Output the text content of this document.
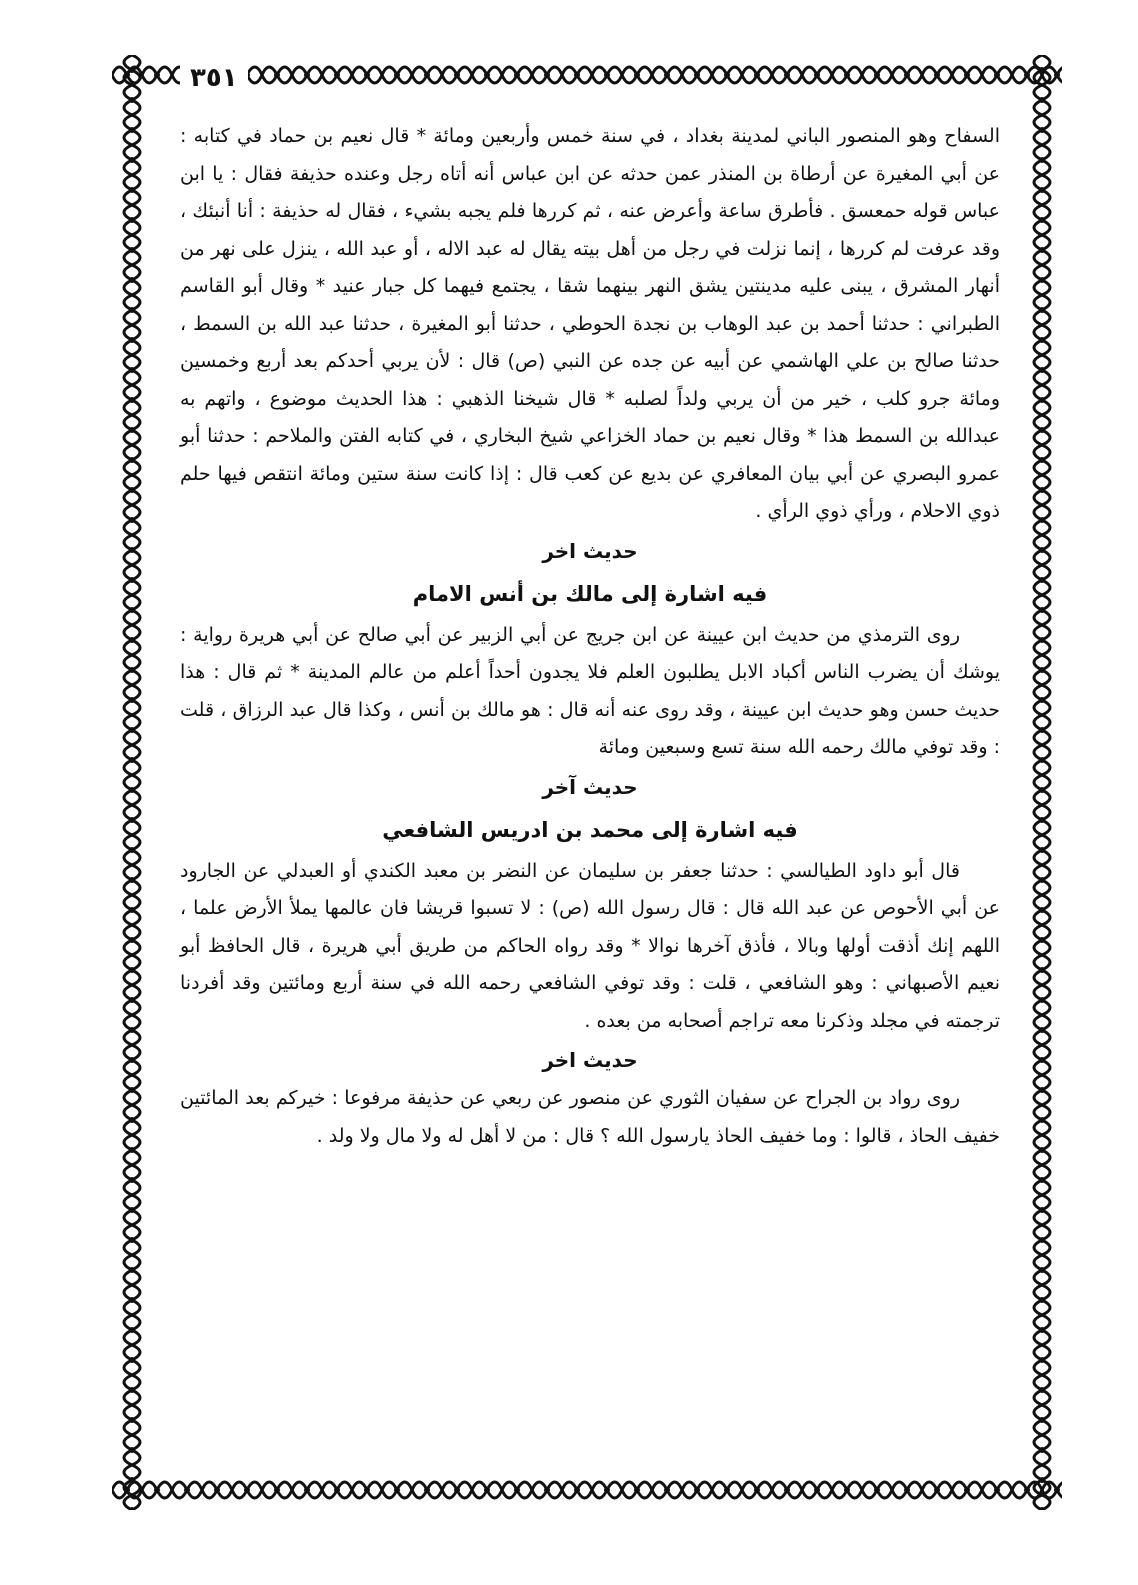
٣٥١

السفاح وهو المنصور الباني لمدينة بغداد ، في سنة خمس وأربعين ومائة * قال نعيم بن حماد في كتابه : عن أبي المغيرة عن أرطاة بن المنذر عمن حدثه عن ابن عباس أنه أتاه رجل وعنده حذيفة فقال : يا ابن عباس قوله حمعسق . فأطرق ساعة وأعرض عنه ، ثم كررها فلم يجبه بشيء ، فقال له حذيفة : أنا أنبئك ، وقد عرفت لم كررها ، إنما نزلت في رجل من أهل بيته يقال له عبد الاله ، أو عبد الله ، ينزل على نهر من أنهار المشرق ، يبنى عليه مدينتين يشق النهر بينهما شقا ، يجتمع فيهما كل جبار عنيد * وقال أبو القاسم الطبراني : حدثنا أحمد بن عبد الوهاب بن نجدة الحوطي ، حدثنا أبو المغيرة ، حدثنا عبد الله بن السمط ، حدثنا صالح بن علي الهاشمي عن أبيه عن جده عن النبي (ص) قال : لأن يربي أحدكم بعد أربع وخمسين ومائة جرو كلب ، خير من أن يربي ولداً لصلبه * قال شيخنا الذهبي : هذا الحديث موضوع ، واتهم به عبدالله بن السمط هذا * وقال نعيم بن حماد الخزاعي شيخ البخاري ، في كتابه الفتن والملاحم : حدثنا أبو عمرو البصري عن أبي بيان المعافري عن بديع عن كعب قال : إذا كانت سنة ستين ومائة انتقص فيها حلم ذوي الاحلام ، ورأي ذوي الرأي .

حديث اخر

فيه اشارة إلى مالك بن أنس الامام

روى الترمذي من حديث ابن عيينة عن ابن جريج عن أبي الزبير عن أبي صالح عن أبي هريرة رواية : يوشك أن يضرب الناس أكباد الابل يطلبون العلم فلا يجدون أحداً أعلم من عالم المدينة * ثم قال : هذا حديث حسن وهو حديث ابن عيينة ، وقد روى عنه أنه قال : هو مالك بن أنس ، وكذا قال عبد الرزاق ، قلت : وقد توفي مالك رحمه الله سنة تسع وسبعين ومائة

حديث آخر

فيه اشارة إلى محمد بن ادريس الشافعي

قال أبو داود الطيالسي : حدثنا جعفر بن سليمان عن النضر بن معبد الكندي أو العبدلي عن الجارود عن أبي الأحوص عن عبد الله قال : قال رسول الله (ص) : لا تسبوا قريشا فان عالمها يملأ الأرض علما ، اللهم إنك أذقت أولها وبالا ، فأذق آخرها نوالا * وقد رواه الحاكم من طريق أبي هريرة ، قال الحافظ أبو نعيم الأصبهاني : وهو الشافعي ، قلت : وقد توفي الشافعي رحمه الله في سنة أربع ومائتين وقد أفردنا ترجمته في مجلد وذكرنا معه تراجم أصحابه من بعده .

حديث اخر

روى رواد بن الجراح عن سفيان الثوري عن منصور عن ربعي عن حذيفة مرفوعا : خيركم بعد المائتين خفيف الحاذ ، قالوا : وما خفيف الحاذ يارسول الله ؟ قال : من لا أهل له ولا مال ولا ولد .
